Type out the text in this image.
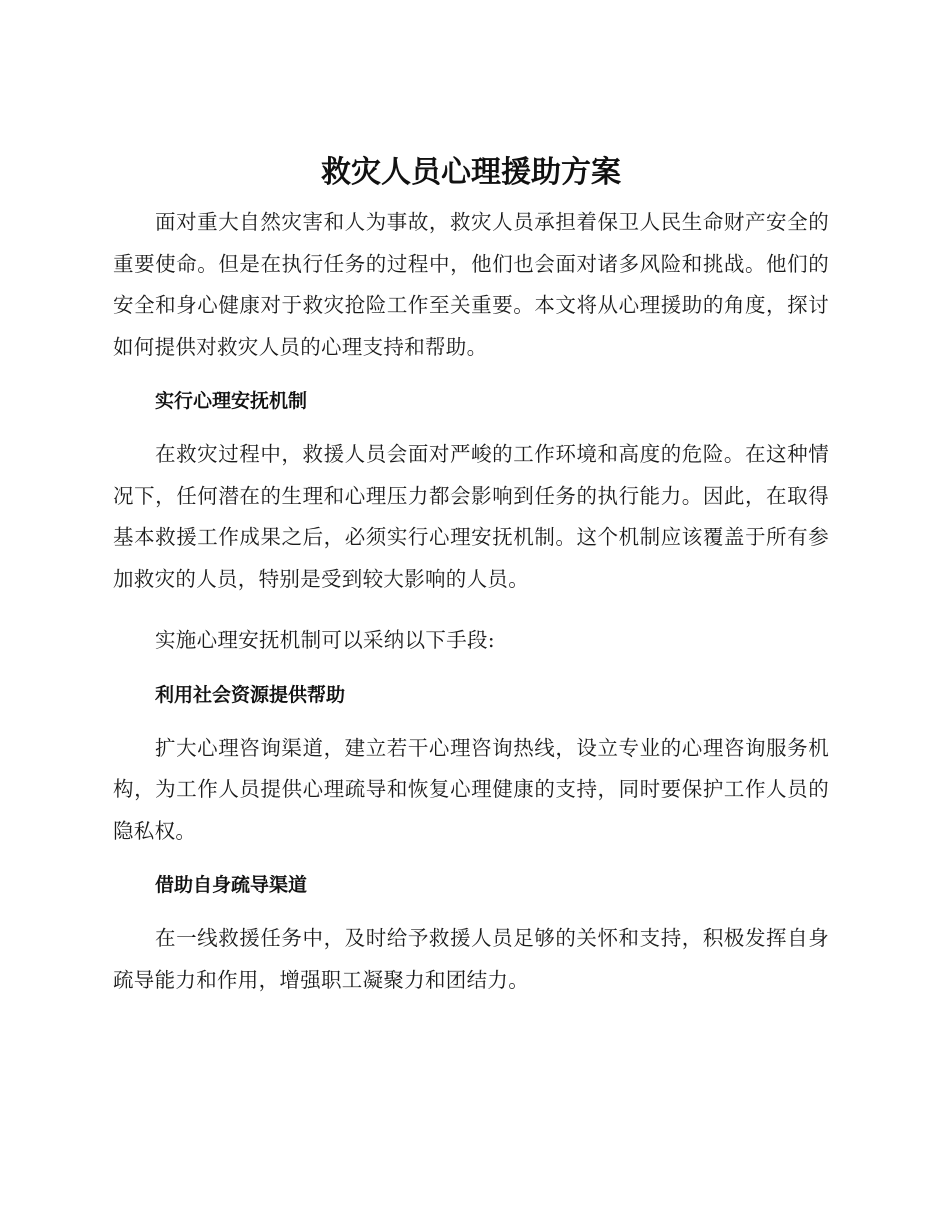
救灾人员心理援助方案

面对重大自然灾害和人为事故，救灾人员承担着保卫人民生命财产安全的重要使命。但是在执行任务的过程中，他们也会面对诸多风险和挑战。他们的安全和身心健康对于救灾抢险工作至关重要。本文将从心理援助的角度，探讨如何提供对救灾人员的心理支持和帮助。

实行心理安抚机制

在救灾过程中，救援人员会面对严峻的工作环境和高度的危险。在这种情况下，任何潜在的生理和心理压力都会影响到任务的执行能力。因此，在取得基本救援工作成果之后，必须实行心理安抚机制。这个机制应该覆盖于所有参加救灾的人员，特别是受到较大影响的人员。

实施心理安抚机制可以采纳以下手段:

利用社会资源提供帮助

扩大心理咨询渠道，建立若干心理咨询热线，设立专业的心理咨询服务机构，为工作人员提供心理疏导和恢复心理健康的支持，同时要保护工作人员的隐私权。

借助自身疏导渠道

在一线救援任务中，及时给予救援人员足够的关怀和支持，积极发挥自身疏导能力和作用，增强职工凝聚力和团结力。
